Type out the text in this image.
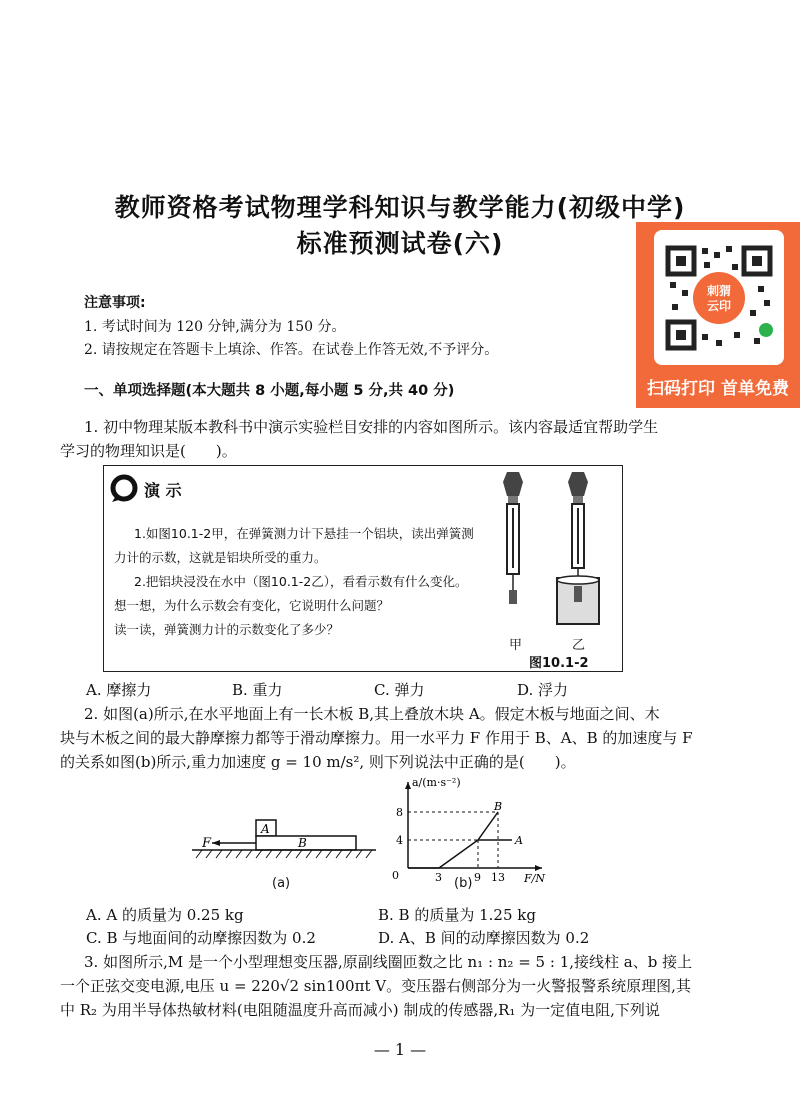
教师资格考试物理学科知识与教学能力(初级中学)
标准预测试卷(六)
刺猬
云印
扫码打印 首单免费
注意事项:
1. 考试时间为 120 分钟,满分为 150 分。
2. 请按规定在答题卡上填涂、作答。在试卷上作答无效,不予评分。
一、单项选择题(本大题共 8 小题,每小题 5 分,共 40 分)
1. 初中物理某版本教科书中演示实验栏目安排的内容如图所示。该内容最适宜帮助学生
学习的物理知识是(　　)。
演 示
1.如图10.1-2甲，在弹簧测力计下悬挂一个铝块，读出弹簧测
力计的示数，这就是铝块所受的重力。
2.把铝块浸没在水中（图10.1-2乙），看看示数有什么变化。
想一想，为什么示数会有变化，它说明什么问题？
读一读，弹簧测力计的示数变化了多少？
甲	乙
图10.1-2
A. 摩擦力	B. 重力	C. 弹力	D. 浮力
2. 如图(a)所示,在水平地面上有一长木板 B,其上叠放木块 A。假定木板与地面之间、木
块与木板之间的最大静摩擦力都等于滑动摩擦力。用一水平力 F 作用于 B、A、B 的加速度与 F
的关系如图(b)所示,重力加速度 g = 10 m/s², 则下列说法中正确的是(　　)。
F
A
B
(a)
a/(m·s⁻²)
F/N
0
8
4
3	9 13
A
B
(b)
A. A 的质量为 0.25 kg	B. B 的质量为 1.25 kg
C. B 与地面间的动摩擦因数为 0.2	D. A、B 间的动摩擦因数为 0.2
3. 如图所示,M 是一个小型理想变压器,原副线圈匝数之比 n₁ : n₂ = 5 : 1,接线柱 a、b 接上
一个正弦交变电源,电压 u = 220√2 sin100πt V。变压器右侧部分为一火警报警系统原理图,其
中 R₂ 为用半导体热敏材料(电阻随温度升高而减小) 制成的传感器,R₁ 为一定值电阻,下列说
— 1 —
